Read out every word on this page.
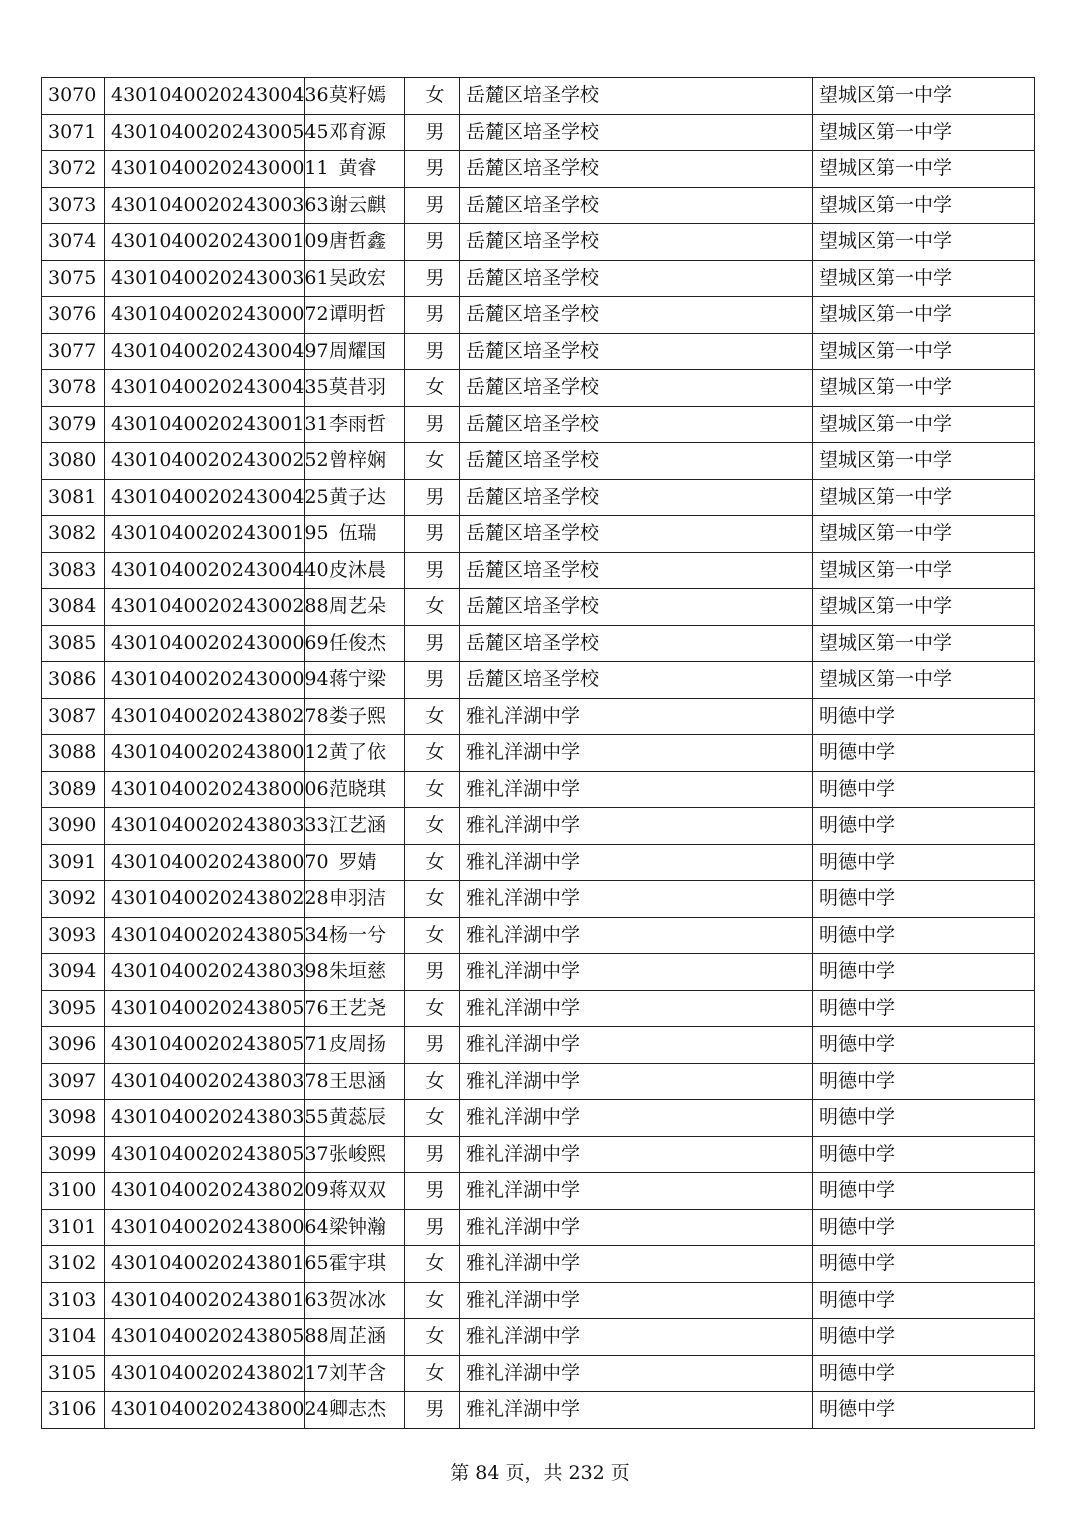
3070	430104002024300436	莫籽嫣	女	岳麓区培圣学校	望城区第一中学
3071	430104002024300545	邓育源	男	岳麓区培圣学校	望城区第一中学
3072	430104002024300011	黄睿	男	岳麓区培圣学校	望城区第一中学
3073	430104002024300363	谢云麒	男	岳麓区培圣学校	望城区第一中学
3074	430104002024300109	唐哲鑫	男	岳麓区培圣学校	望城区第一中学
3075	430104002024300361	吴政宏	男	岳麓区培圣学校	望城区第一中学
3076	430104002024300072	谭明哲	男	岳麓区培圣学校	望城区第一中学
3077	430104002024300497	周耀国	男	岳麓区培圣学校	望城区第一中学
3078	430104002024300435	莫昔羽	女	岳麓区培圣学校	望城区第一中学
3079	430104002024300131	李雨哲	男	岳麓区培圣学校	望城区第一中学
3080	430104002024300252	曾梓娴	女	岳麓区培圣学校	望城区第一中学
3081	430104002024300425	黄子达	男	岳麓区培圣学校	望城区第一中学
3082	430104002024300195	伍瑞	男	岳麓区培圣学校	望城区第一中学
3083	430104002024300440	皮沐晨	男	岳麓区培圣学校	望城区第一中学
3084	430104002024300288	周艺朵	女	岳麓区培圣学校	望城区第一中学
3085	430104002024300069	任俊杰	男	岳麓区培圣学校	望城区第一中学
3086	430104002024300094	蒋宁梁	男	岳麓区培圣学校	望城区第一中学
3087	430104002024380278	娄子熙	女	雅礼洋湖中学	明德中学
3088	430104002024380012	黄了依	女	雅礼洋湖中学	明德中学
3089	430104002024380006	范晓琪	女	雅礼洋湖中学	明德中学
3090	430104002024380333	江艺涵	女	雅礼洋湖中学	明德中学
3091	430104002024380070	罗婧	女	雅礼洋湖中学	明德中学
3092	430104002024380228	申羽洁	女	雅礼洋湖中学	明德中学
3093	430104002024380534	杨一兮	女	雅礼洋湖中学	明德中学
3094	430104002024380398	朱垣慈	男	雅礼洋湖中学	明德中学
3095	430104002024380576	王艺尧	女	雅礼洋湖中学	明德中学
3096	430104002024380571	皮周扬	男	雅礼洋湖中学	明德中学
3097	430104002024380378	王思涵	女	雅礼洋湖中学	明德中学
3098	430104002024380355	黄蕊辰	女	雅礼洋湖中学	明德中学
3099	430104002024380537	张峻熙	男	雅礼洋湖中学	明德中学
3100	430104002024380209	蒋双双	男	雅礼洋湖中学	明德中学
3101	430104002024380064	梁钟瀚	男	雅礼洋湖中学	明德中学
3102	430104002024380165	霍宇琪	女	雅礼洋湖中学	明德中学
3103	430104002024380163	贺冰冰	女	雅礼洋湖中学	明德中学
3104	430104002024380588	周芷涵	女	雅礼洋湖中学	明德中学
3105	430104002024380217	刘芊含	女	雅礼洋湖中学	明德中学
3106	430104002024380024	卿志杰	男	雅礼洋湖中学	明德中学
第 84 页，共 232 页
